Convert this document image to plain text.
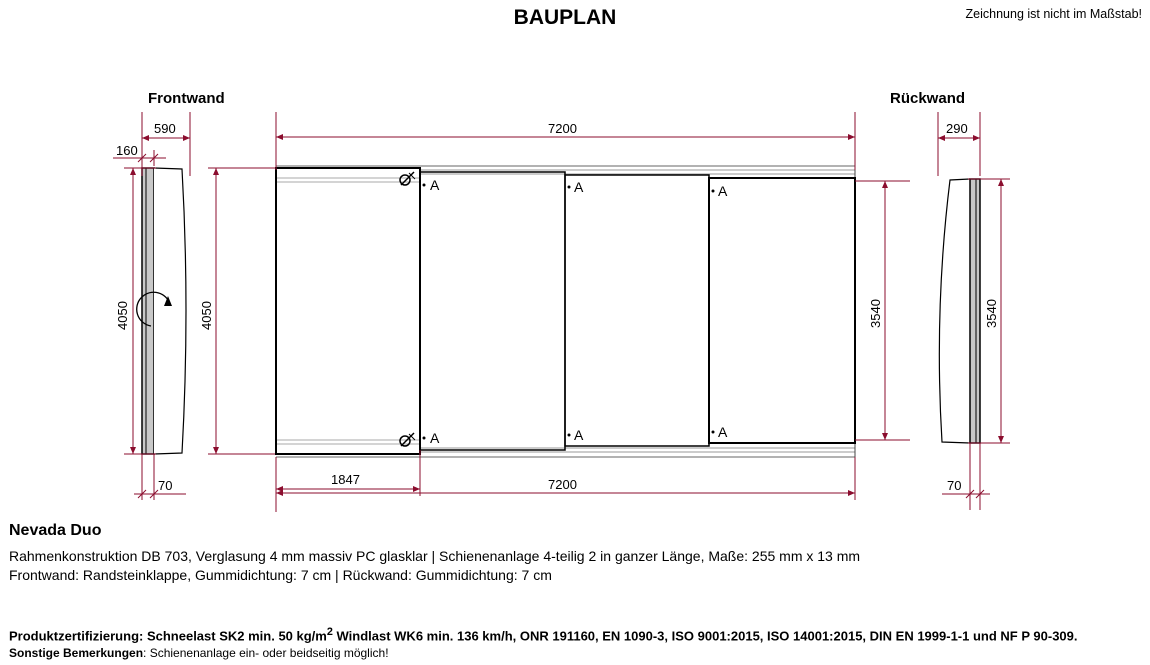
BAUPLAN	Zeichnung ist nicht im Maßstab!
Frontwand
590
160
4050	4050
70
A
A
A
A
A
A
7200
1847	7200
3540
Rückwand
290
3540
70
Nevada Duo
Rahmenkonstruktion DB 703, Verglasung 4 mm massiv PC glasklar | Schienenanlage 4-teilig 2 in ganzer Länge, Maße: 255 mm x 13 mm
Frontwand: Randsteinklappe, Gummidichtung: 7 cm | Rückwand: Gummidichtung: 7 cm
Produktzertifizierung: Schneelast SK2 min. 50 $kg/m^2$ Windlast WK6 min. 136 km/h, ONR 191160, EN 1090-3, ISO 9001:2015, ISO 14001:2015, DIN EN 1999-1-1 und NF P 90-309.
Sonstige Bemerkungen: Schienenanlage ein- oder beidseitig möglich!
